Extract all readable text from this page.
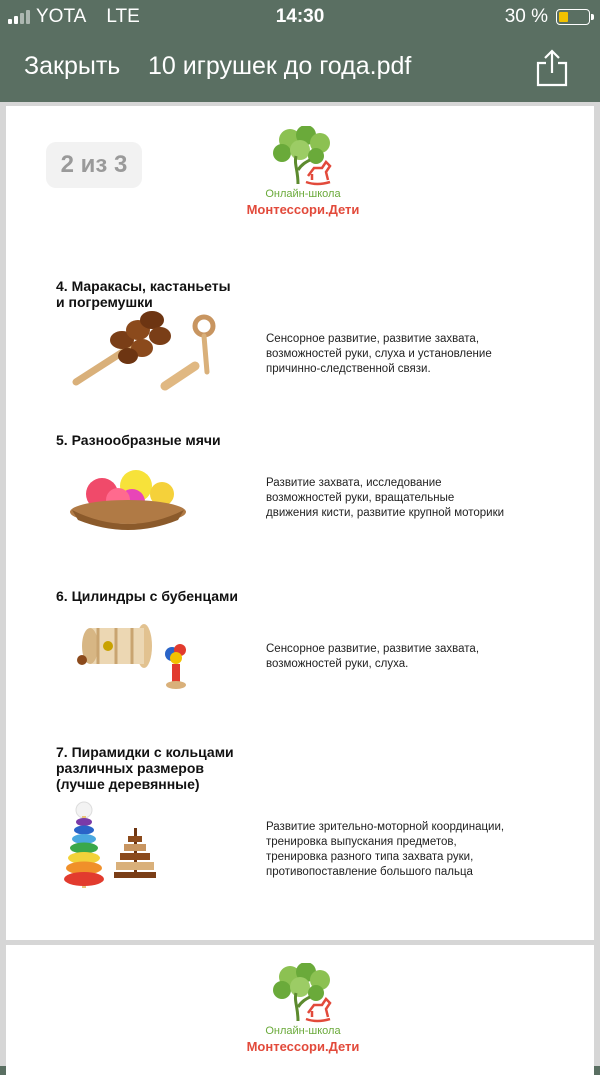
YOTA LTE	14:30	30 %
Закрыть 10 игрушек до года.pdf
2 из 3
Онлайн-школа
Монтессори.Дети
4. Маракасы, кастаньеты
и погремушки
Сенсорное развитие, развитие захвата,
возможностей руки, слуха и установление
причинно-следственной связи.
5. Разнообразные мячи
Развитие захвата, исследование
возможностей руки, вращательные
движения кисти, развитие крупной моторики
6. Цилиндры с бубенцами
Сенсорное развитие, развитие захвата,
возможностей руки, слуха.
7. Пирамидки с кольцами
различных размеров
(лучше деревянные)
Развитие зрительно-моторной координации,
тренировка выпускания предметов,
тренировка разного типа захвата руки,
противопоставление большого пальца
Онлайн-школа
Монтессори.Дети
